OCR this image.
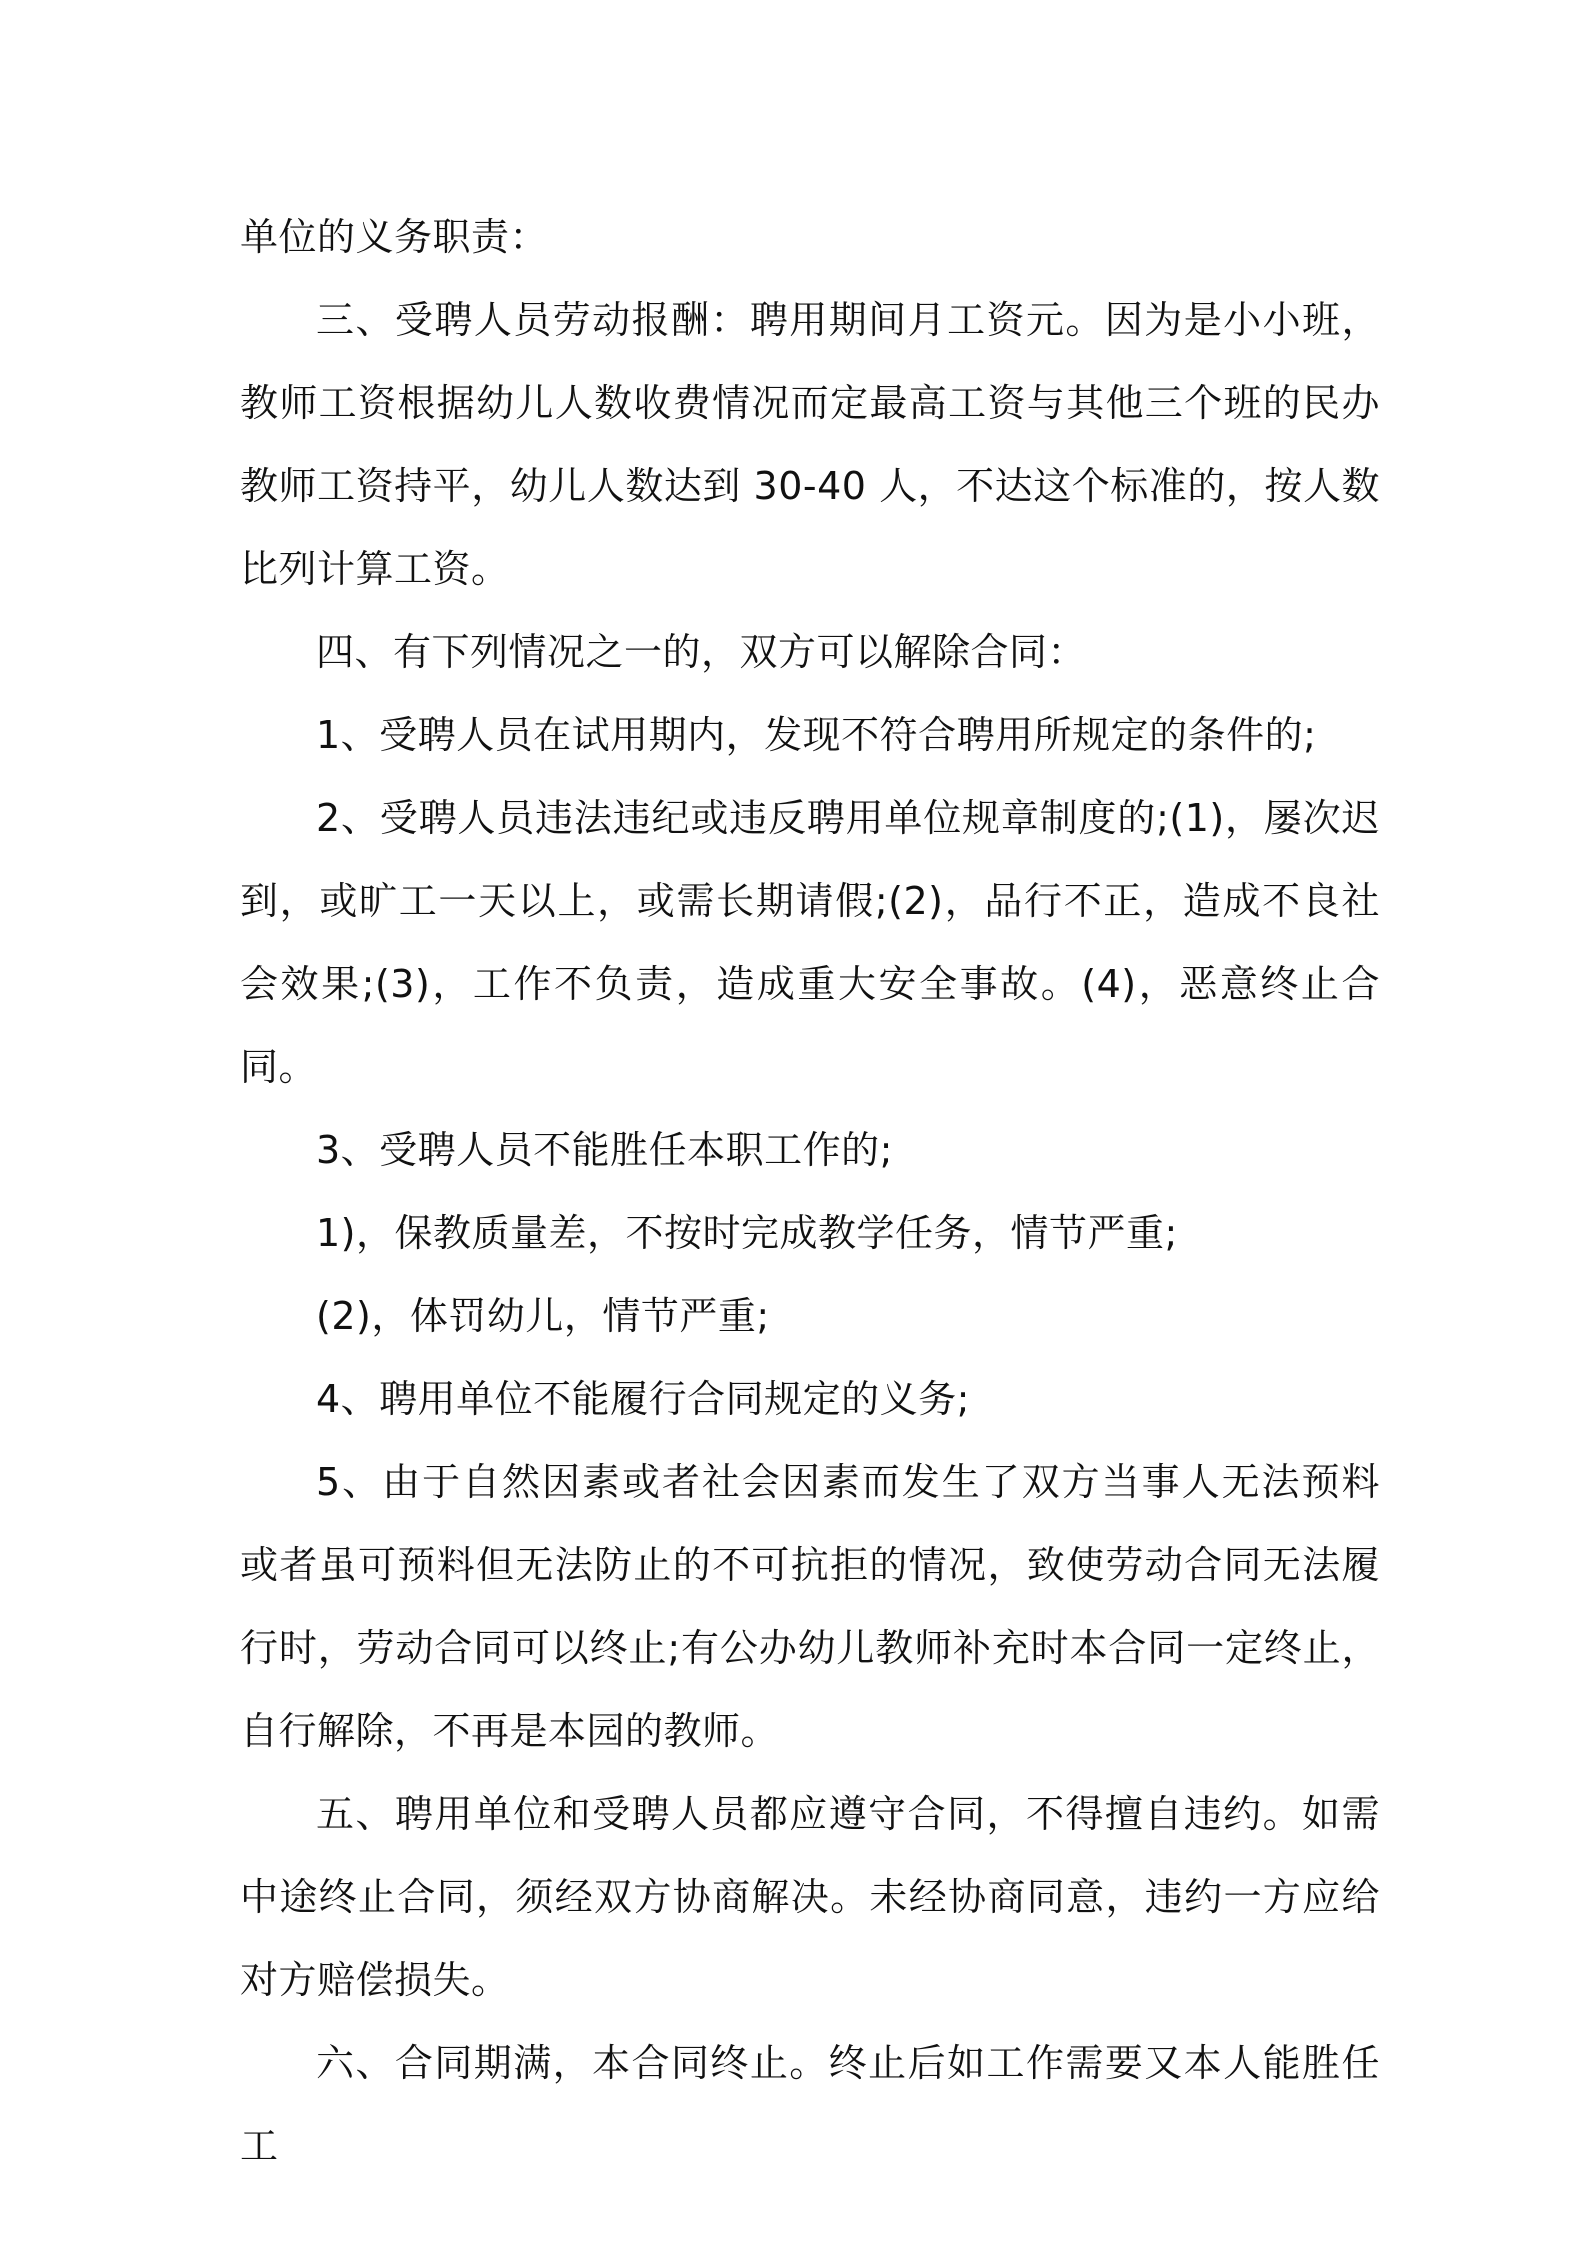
单位的义务职责：

三、受聘人员劳动报酬：聘用期间月工资元。因为是小小班，教师工资根据幼儿人数收费情况而定最高工资与其他三个班的民办教师工资持平，幼儿人数达到 30-40 人，不达这个标准的，按人数比列计算工资。

四、有下列情况之一的，双方可以解除合同：

1、受聘人员在试用期内，发现不符合聘用所规定的条件的;

2、受聘人员违法违纪或违反聘用单位规章制度的;(1)，屡次迟到，或旷工一天以上，或需长期请假;(2)，品行不正，造成不良社会效果;(3)，工作不负责，造成重大安全事故。(4)，恶意终止合同。

3、受聘人员不能胜任本职工作的;

1)，保教质量差，不按时完成教学任务，情节严重;

(2)，体罚幼儿，情节严重;

4、聘用单位不能履行合同规定的义务;

5、由于自然因素或者社会因素而发生了双方当事人无法预料或者虽可预料但无法防止的不可抗拒的情况，致使劳动合同无法履行时，劳动合同可以终止;有公办幼儿教师补充时本合同一定终止，自行解除，不再是本园的教师。

五、聘用单位和受聘人员都应遵守合同，不得擅自违约。如需中途终止合同，须经双方协商解决。未经协商同意，违约一方应给对方赔偿损失。

六、合同期满，本合同终止。终止后如工作需要又本人能胜任工
